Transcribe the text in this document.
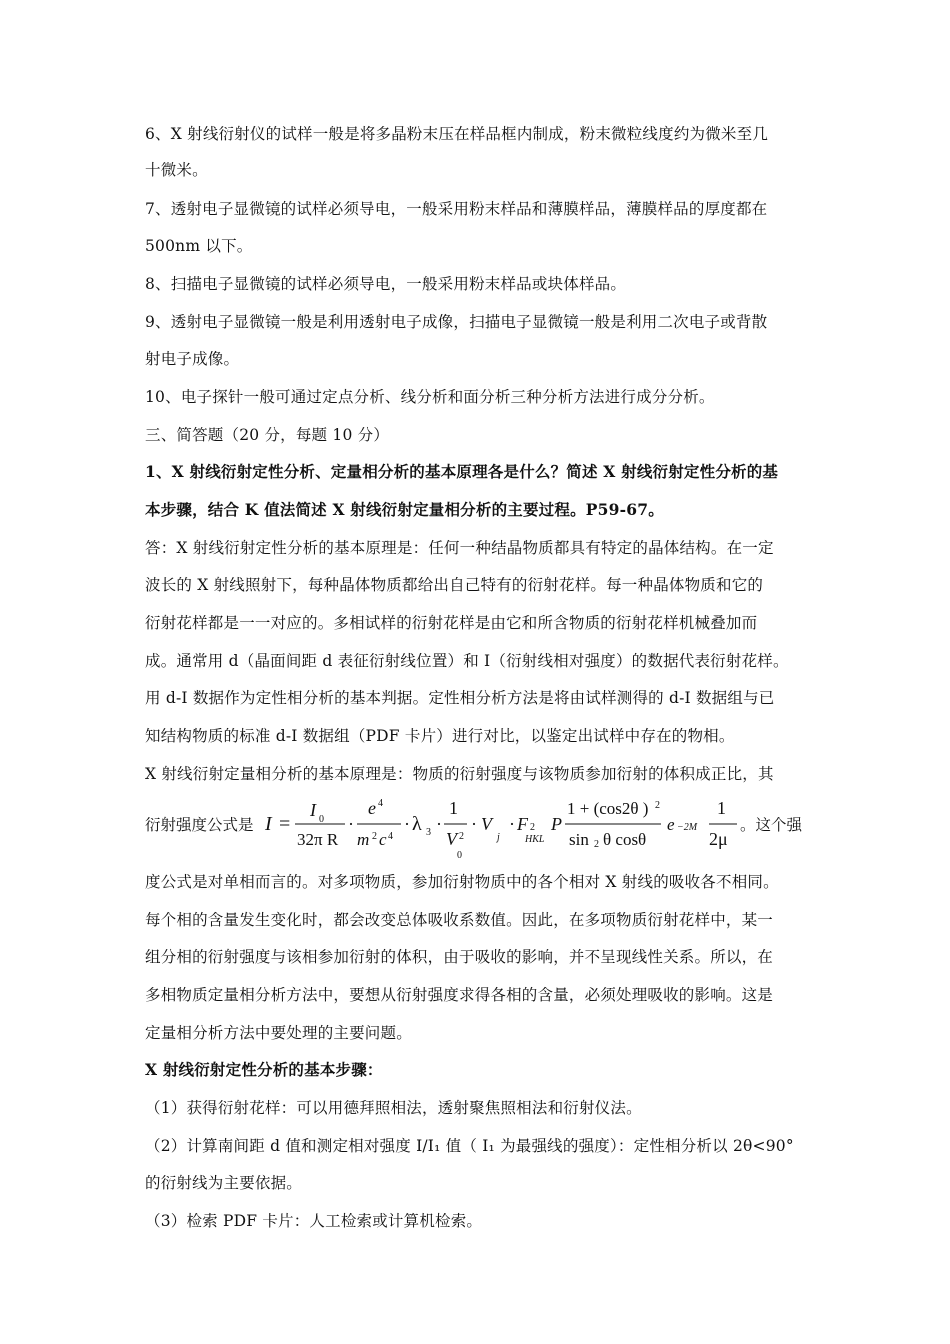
6、X 射线衍射仪的试样一般是将多晶粉末压在样品框内制成，粉末微粒线度约为微米至几
十微米。
7、透射电子显微镜的试样必须导电，一般采用粉末样品和薄膜样品，薄膜样品的厚度都在
500nm 以下。
8、扫描电子显微镜的试样必须导电，一般采用粉末样品或块体样品。
9、透射电子显微镜一般是利用透射电子成像，扫描电子显微镜一般是利用二次电子或背散
射电子成像。
10、电子探针一般可通过定点分析、线分析和面分析三种分析方法进行成分分析。
三、简答题（20 分，每题 10 分）
1、X 射线衍射定性分析、定量相分析的基本原理各是什么？简述 X 射线衍射定性分析的基
本步骤，结合 K 值法简述 X 射线衍射定量相分析的主要过程。P59-67。
答：X 射线衍射定性分析的基本原理是：任何一种结晶物质都具有特定的晶体结构。在一定
波长的 X 射线照射下，每种晶体物质都给出自己特有的衍射花样。每一种晶体物质和它的
衍射花样都是一一对应的。多相试样的衍射花样是由它和所含物质的衍射花样机械叠加而
成。通常用 d（晶面间距 d 表征衍射线位置）和 I（衍射线相对强度）的数据代表衍射花样。
用 d-I 数据作为定性相分析的基本判据。定性相分析方法是将由试样测得的 d-I 数据组与已
知结构物质的标准 d-I 数据组（PDF 卡片）进行对比，以鉴定出试样中存在的物相。
X 射线衍射定量相分析的基本原理是：物质的衍射强度与该物质参加衍射的体积成正比，其
衍射强度公式是 I =
I 0
32π R
·
e 4
m 2 c 4
· λ 3 ·
1
V 2
0
· V
j
· F 2
HKL
P
1 + (cos2θ ) 2
sin 2 θ cosθ
e −2M
1
2μ
。这个强
度公式是对单相而言的。对多项物质，参加衍射物质中的各个相对 X 射线的吸收各不相同。
每个相的含量发生变化时，都会改变总体吸收系数值。因此，在多项物质衍射花样中，某一
组分相的衍射强度与该相参加衍射的体积，由于吸收的影响，并不呈现线性关系。所以，在
多相物质定量相分析方法中，要想从衍射强度求得各相的含量，必须处理吸收的影响。这是
定量相分析方法中要处理的主要问题。
X 射线衍射定性分析的基本步骤：
（1）获得衍射花样：可以用德拜照相法，透射聚焦照相法和衍射仪法。
（2）计算南间距 d 值和测定相对强度 I/I₁ 值（ I₁ 为最强线的强度）：定性相分析以 2θ<90°
的衍射线为主要依据。
（3）检索 PDF 卡片：人工检索或计算机检索。
